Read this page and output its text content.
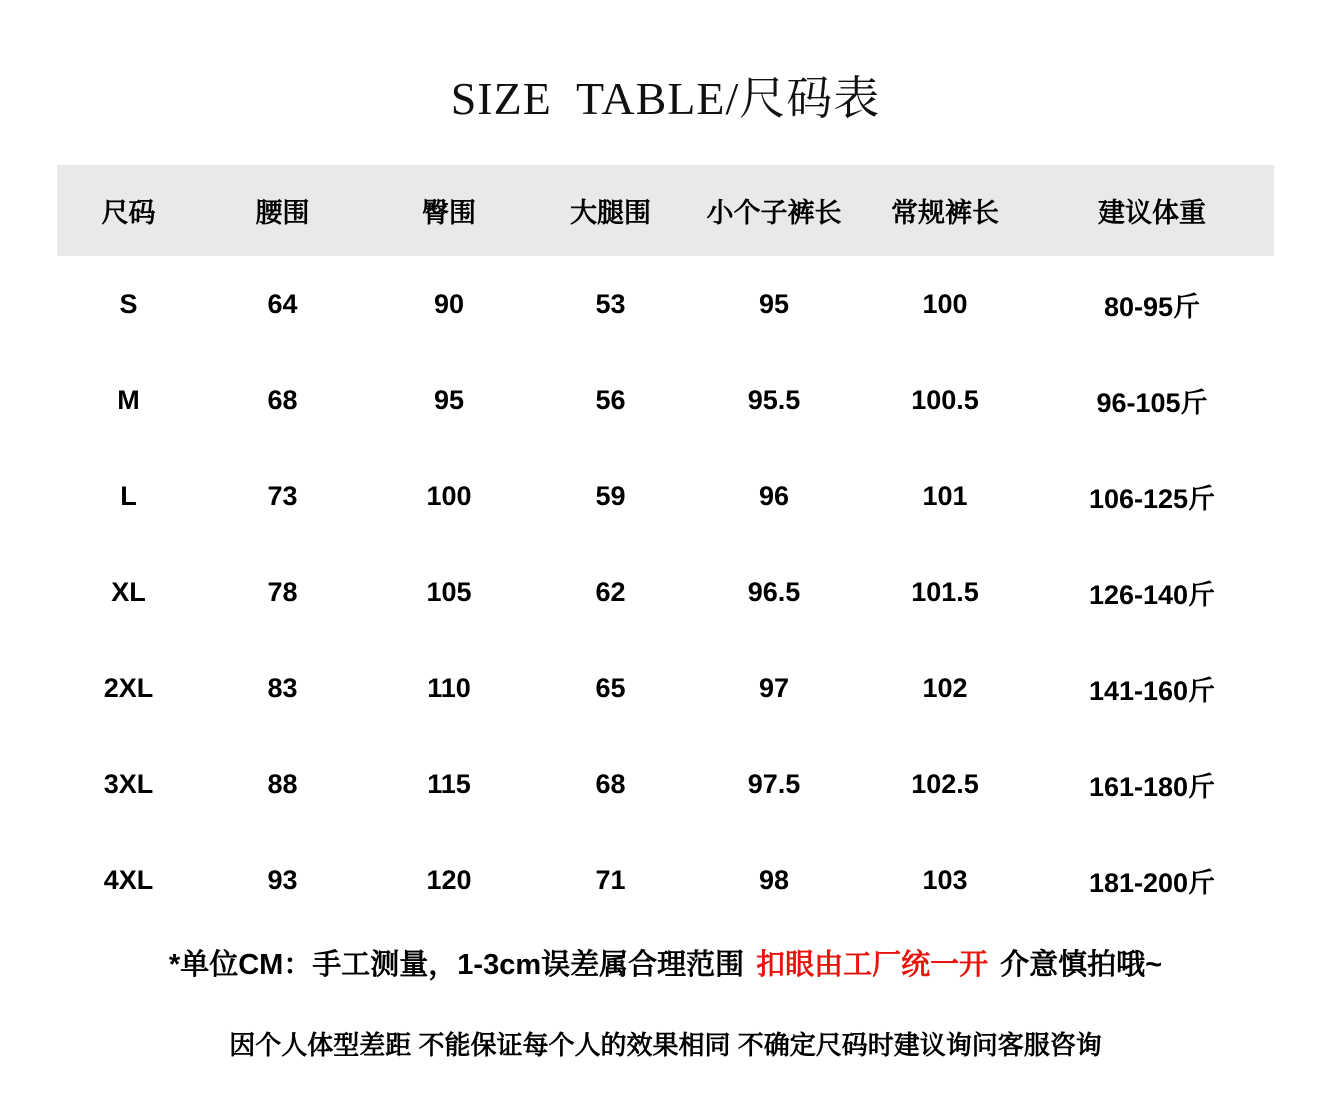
SIZE  TABLE/尺码表
尺码	腰围	臀围	大腿围	小个子裤长	常规裤长	建议体重
S	64	90	53	95	100	80-95斤
M	68	95	56	95.5	100.5	96-105斤
L	73	100	59	96	101	106-125斤
XL	78	105	62	96.5	101.5	126-140斤
2XL	83	110	65	97	102	141-160斤
3XL	88	115	68	97.5	102.5	161-180斤
4XL	93	120	71	98	103	181-200斤
*单位CM：手工测量，1-3cm误差属合理范围 扣眼由工厂统一开 介意慎拍哦~
因个人体型差距 不能保证每个人的效果相同 不确定尺码时建议询问客服咨询
